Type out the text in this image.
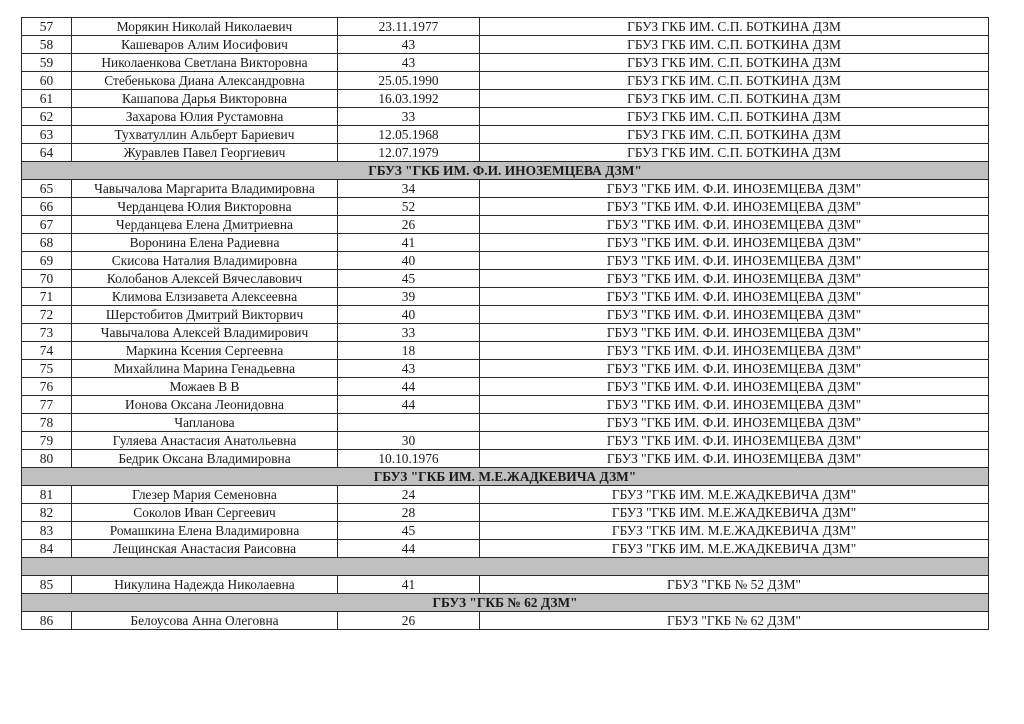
57	Морякин Николай Николаевич	23.11.1977	ГБУЗ ГКБ ИМ. С.П. БОТКИНА ДЗМ
58	Кашеваров Алим Иосифович	43	ГБУЗ ГКБ ИМ. С.П. БОТКИНА ДЗМ
59	Николаенкова Светлана Викторовна	43	ГБУЗ ГКБ ИМ. С.П. БОТКИНА ДЗМ
60	Стебенькова Диана Александровна	25.05.1990	ГБУЗ ГКБ ИМ. С.П. БОТКИНА ДЗМ
61	Кашапова Дарья Викторовна	16.03.1992	ГБУЗ ГКБ ИМ. С.П. БОТКИНА ДЗМ
62	Захарова Юлия Рустамовна	33	ГБУЗ ГКБ ИМ. С.П. БОТКИНА ДЗМ
63	Тухватуллин Альберт Бариевич	12.05.1968	ГБУЗ ГКБ ИМ. С.П. БОТКИНА ДЗМ
64	Журавлев Павел Георгиевич	12.07.1979	ГБУЗ ГКБ ИМ. С.П. БОТКИНА ДЗМ
ГБУЗ "ГКБ ИМ. Ф.И. ИНОЗЕМЦЕВА ДЗМ"			
65	Чавычалова Маргарита Владимировна	34	ГБУЗ "ГКБ ИМ. Ф.И. ИНОЗЕМЦЕВА ДЗМ"
66	Черданцева Юлия Викторовна	52	ГБУЗ "ГКБ ИМ. Ф.И. ИНОЗЕМЦЕВА ДЗМ"
67	Черданцева Елена Дмитриевна	26	ГБУЗ "ГКБ ИМ. Ф.И. ИНОЗЕМЦЕВА ДЗМ"
68	Воронина Елена Радиевна	41	ГБУЗ "ГКБ ИМ. Ф.И. ИНОЗЕМЦЕВА ДЗМ"
69	Скисова Наталия Владимировна	40	ГБУЗ "ГКБ ИМ. Ф.И. ИНОЗЕМЦЕВА ДЗМ"
70	Колобанов Алексей Вячеславович	45	ГБУЗ "ГКБ ИМ. Ф.И. ИНОЗЕМЦЕВА ДЗМ"
71	Климова Елзизавета Алексеевна	39	ГБУЗ "ГКБ ИМ. Ф.И. ИНОЗЕМЦЕВА ДЗМ"
72	Шерстобитов Дмитрий Викторвич	40	ГБУЗ "ГКБ ИМ. Ф.И. ИНОЗЕМЦЕВА ДЗМ"
73	Чавычалова Алексей Владимирович	33	ГБУЗ "ГКБ ИМ. Ф.И. ИНОЗЕМЦЕВА ДЗМ"
74	Маркина Ксения Сергеевна	18	ГБУЗ "ГКБ ИМ. Ф.И. ИНОЗЕМЦЕВА ДЗМ"
75	Михайлина Марина Генадьевна	43	ГБУЗ "ГКБ ИМ. Ф.И. ИНОЗЕМЦЕВА ДЗМ"
76	Можаев В В	44	ГБУЗ "ГКБ ИМ. Ф.И. ИНОЗЕМЦЕВА ДЗМ"
77	Ионова Оксана Леонидовна	44	ГБУЗ "ГКБ ИМ. Ф.И. ИНОЗЕМЦЕВА ДЗМ"
78	Чапланова		ГБУЗ "ГКБ ИМ. Ф.И. ИНОЗЕМЦЕВА ДЗМ"
79	Гуляева Анастасия Анатольевна	30	ГБУЗ "ГКБ ИМ. Ф.И. ИНОЗЕМЦЕВА ДЗМ"
80	Бедрик Оксана Владимировна	10.10.1976	ГБУЗ "ГКБ ИМ. Ф.И. ИНОЗЕМЦЕВА ДЗМ"
ГБУЗ "ГКБ ИМ. М.Е.ЖАДКЕВИЧА ДЗМ"			
81	Глезер Мария Семеновна	24	ГБУЗ "ГКБ ИМ. М.Е.ЖАДКЕВИЧА ДЗМ"
82	Соколов Иван Сергеевич	28	ГБУЗ "ГКБ ИМ. М.Е.ЖАДКЕВИЧА ДЗМ"
83	Ромашкина Елена Владимировна	45	ГБУЗ "ГКБ ИМ. М.Е.ЖАДКЕВИЧА ДЗМ"
84	Лещинская Анастасия Раисовна	44	ГБУЗ "ГКБ ИМ. М.Е.ЖАДКЕВИЧА ДЗМ"

85	Никулина Надежда Николаевна	41	ГБУЗ "ГКБ № 52 ДЗМ"
ГБУЗ "ГКБ № 62 ДЗМ"			
86	Белоусова Анна Олеговна	26	ГБУЗ "ГКБ № 62 ДЗМ"
